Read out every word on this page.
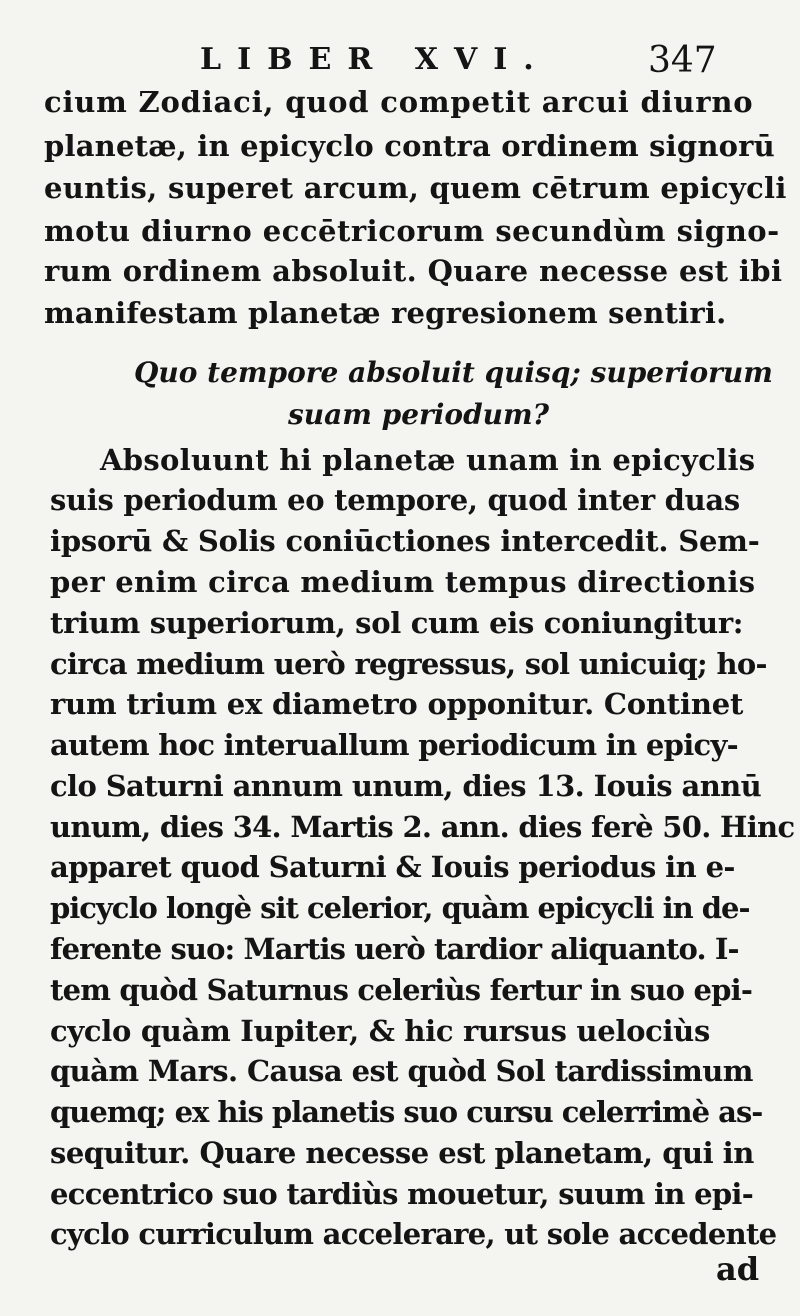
LIBER XVI.	347
cium Zodiaci, quod competit arcui diurno
planetæ, in epicyclo contra ordinem signorū
euntis, superet arcum, quem cētrum epicycli
motu diurno eccētricorum secundùm signo-
rum ordinem absoluit. Quare necesse est ibi
manifestam planetæ regresionem sentiri.
Quo tempore absoluit quisq; superiorum
suam periodum?
Absoluunt hi planetæ unam in epicyclis
suis periodum eo tempore, quod inter duas
ipsorū & Solis coniūctiones intercedit. Sem-
per enim circa medium tempus directionis
trium superiorum, sol cum eis coniungitur:
circa medium uerò regressus, sol unicuiq; ho-
rum trium ex diametro opponitur. Continet
autem hoc interuallum periodicum in epicy-
clo Saturni annum unum, dies 13. Iouis annū
unum, dies 34. Martis 2. ann. dies ferè 50. Hinc
apparet quod Saturni & Iouis periodus in e-
picyclo longè sit celerior, quàm epicycli in de-
ferente suo: Martis uerò tardior aliquanto. I-
tem quòd Saturnus celeriùs fertur in suo epi-
cyclo quàm Iupiter, & hic rursus uelociùs
quàm Mars. Causa est quòd Sol tardissimum
quemq; ex his planetis suo cursu celerrimè as-
sequitur. Quare necesse est planetam, qui in
eccentrico suo tardiùs mouetur, suum in epi-
cyclo curriculum accelerare, ut sole accedente
ad
